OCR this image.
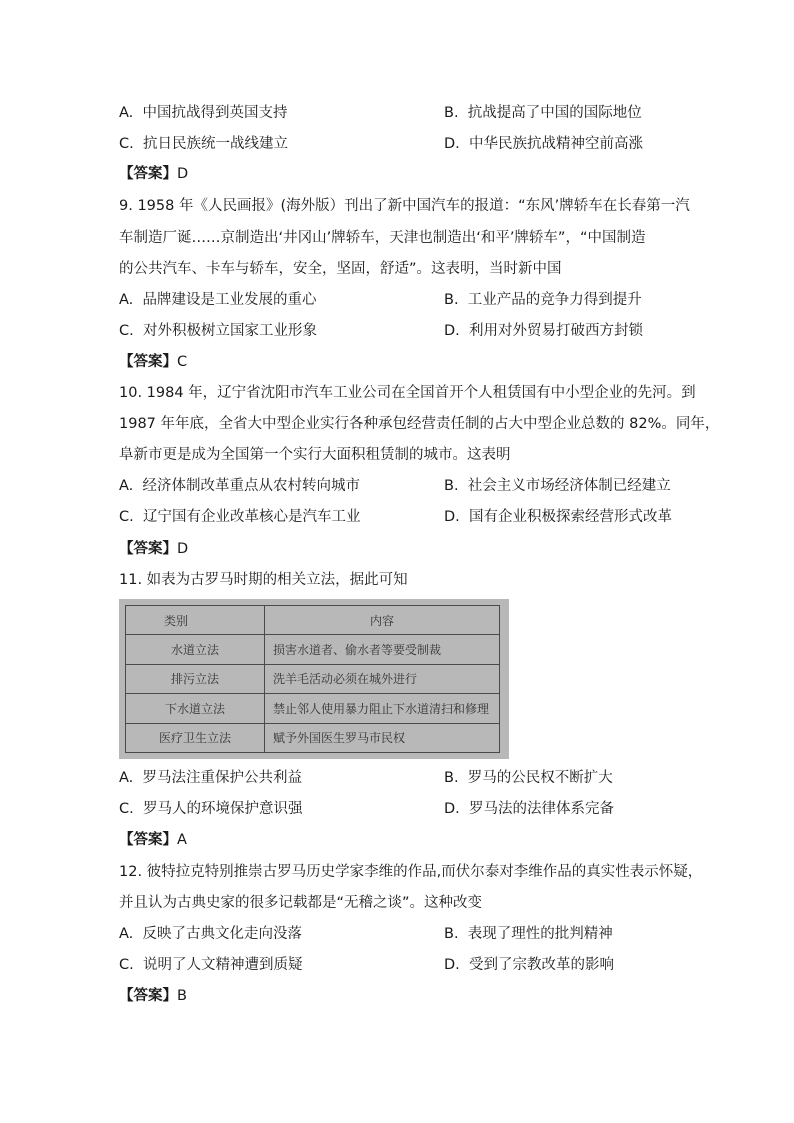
A. 中国抗战得到英国支持	B. 抗战提高了中国的国际地位
C. 抗日民族统一战线建立	D. 中华民族抗战精神空前高涨
【答案】D
9. 1958 年《人民画报》(海外版）刊出了新中国汽车的报道：“东风’牌轿车在长春第一汽
车制造厂诞……京制造出‘井冈山’牌轿车，天津也制造出‘和平’牌轿车”，“中国制造
的公共汽车、卡车与轿车，安全，坚固，舒适”。这表明，当时新中国
A. 品牌建设是工业发展的重心	B. 工业产品的竞争力得到提升
C. 对外积极树立国家工业形象	D. 利用对外贸易打破西方封锁
【答案】C
10. 1984 年，辽宁省沈阳市汽车工业公司在全国首开个人租赁国有中小型企业的先河。到
1987 年年底，全省大中型企业实行各种承包经营责任制的占大中型企业总数的 82%。同年，
阜新市更是成为全国第一个实行大面积租赁制的城市。这表明
A. 经济体制改革重点从农村转向城市	B. 社会主义市场经济体制已经建立
C. 辽宁国有企业改革核心是汽车工业	D. 国有企业积极探索经营形式改革
【答案】D
11. 如表为古罗马时期的相关立法，据此可知
类别	内容
水道立法	损害水道者、偷水者等要受制裁
排污立法	洗羊毛活动必须在城外进行
下水道立法	禁止邻人使用暴力阻止下水道清扫和修理
医疗卫生立法	赋予外国医生罗马市民权
A. 罗马法注重保护公共利益	B. 罗马的公民权不断扩大
C. 罗马人的环境保护意识强	D. 罗马法的法律体系完备
【答案】A
12. 彼特拉克特别推崇古罗马历史学家李维的作品,而伏尔泰对李维作品的真实性表示怀疑，
并且认为古典史家的很多记载都是“无稽之谈”。这种改变
A. 反映了古典文化走向没落	B. 表现了理性的批判精神
C. 说明了人文精神遭到质疑	D. 受到了宗教改革的影响
【答案】B
